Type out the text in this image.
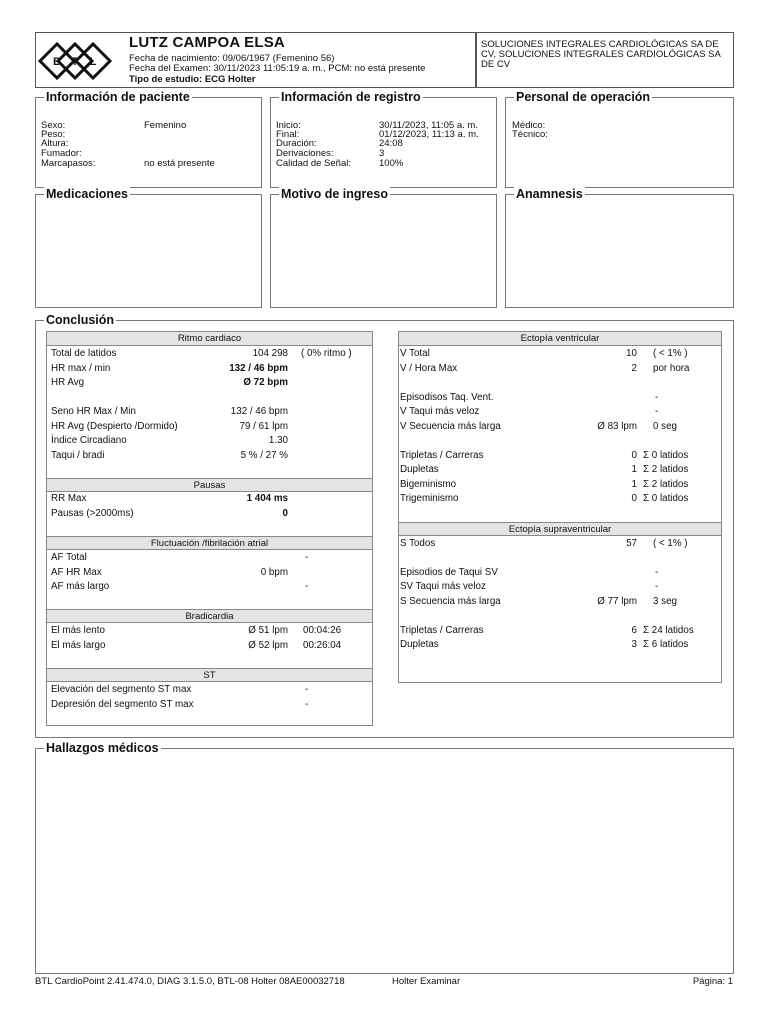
B T L
LUTZ CAMPOA ELSA
Fecha de nacimiento: 09/06/1967 (Femenino 56)
Fecha del Examen: 30/11/2023 11:05:19 a. m., PCM: no está presente
Tipo de estudio: ECG Holter
SOLUCIONES INTEGRALES CARDIOLÓGICAS SA DE CV, SOLUCIONES INTEGRALES CARDIOLÓGICAS SA DE CV
Información de paciente
Sexo:	Femenino
Peso:
Altura:
Fumador:
Marcapasos:	no está presente
Información de registro
Inicio:	30/11/2023, 11:05 a. m.
Final:	01/12/2023, 11:13 a. m.
Duración:	24:08
Derivaciones:	3
Calidad de Señal:	100%
Personal de operación
Médico:
Técnico:
Medicaciones	Motivo de ingreso	Anamnesis
Conclusión
Ritmo cardiaco
Total de latidos	104 298 ( 0% ritmo )
HR max / min	132 / 46 bpm
HR Avg	Ø 72 bpm
Seno HR Max / Min	132 / 46 bpm
HR Avg (Despierto /Dormido)	79 / 61 lpm
Índice Circadiano	1.30
Taqui / bradi	5 % / 27 %
Pausas
RR Max	1 404 ms
Pausas (>2000ms)	0
Fluctuación /fibrilación atrial
AF Total	-
AF HR Max	0 bpm
AF más largo	-
Bradicardia
El más lento	Ø 51 lpm 00:04:26
El más largo	Ø 52 lpm 00:26:04
ST
Elevación del segmento ST max	-
Depresión del segmento ST max	-
Ectopía ventricular
V Total	10 ( < 1% )
V / Hora Max	2 por hora
Episodisos Taq. Vent.	-
V Taqui más veloz	-
V Secuencia más larga	Ø 83 lpm 0 seg
Tripletas / Carreras	0 Σ 0 latidos
Dupletas	1 Σ 2 latidos
Bigeminismo	1 Σ 2 latidos
Trigeminismo	0 Σ 0 latidos
Ectopía supraventricular
S Todos	57 ( < 1% )
Episodios de Taqui SV	-
SV Taqui más veloz	-
S Secuencia más larga	Ø 77 lpm 3 seg
Tripletas / Carreras	6 Σ 24 latidos
Dupletas	3 Σ 6 latidos
Hallazgos médicos
BTL CardioPoint 2.41.474.0, DIAG 3.1.5.0, BTL-08 Holter 08AE00032718	Holter Examinar	Página: 1
